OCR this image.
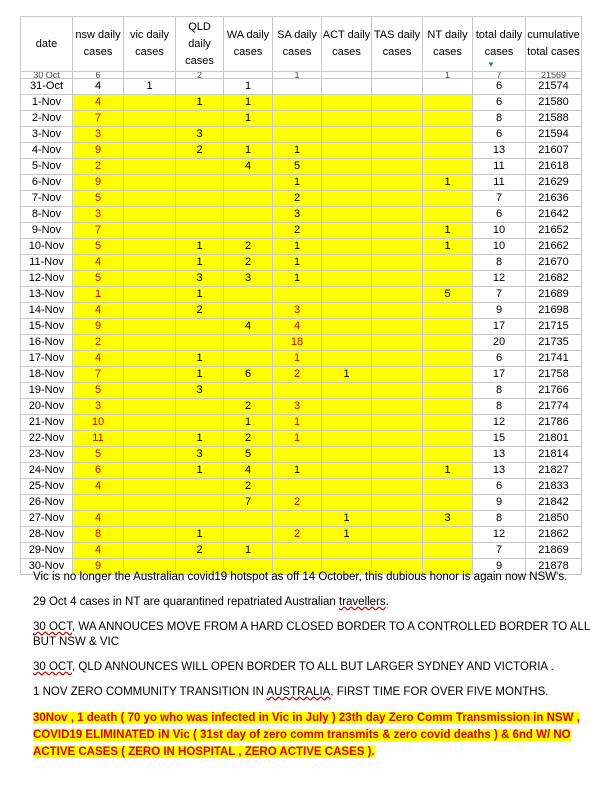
date	nsw daily cases	vic daily cases	QLD daily cases	WA daily cases	SA daily cases	ACT daily cases	TAS daily cases	NT daily cases	total daily cases	cumulative total cases
30 Oct	6		2		1			1	7	21569
31-Oct	4	1		1					6	21574
1-Nov	4		1	1					6	21580
2-Nov	7			1					8	21588
3-Nov	3		3						6	21594
4-Nov	9		2	1	1				13	21607
5-Nov	2			4	5				11	21618
6-Nov	9				1			1	11	21629
7-Nov	5				2				7	21636
8-Nov	3				3				6	21642
9-Nov	7				2			1	10	21652
10-Nov	5		1	2	1			1	10	21662
11-Nov	4		1	2	1				8	21670
12-Nov	5		3	3	1				12	21682
13-Nov	1		1					5	7	21689
14-Nov	4		2		3				9	21698
15-Nov	9			4	4				17	21715
16-Nov	2				18				20	21735
17-Nov	4		1		1				6	21741
18-Nov	7		1	6	2	1			17	21758
19-Nov	5		3						8	21766
20-Nov	3			2	3				8	21774
21-Nov	10			1	1				12	21786
22-Nov	11		1	2	1				15	21801
23-Nov	5		3	5					13	21814
24-Nov	6		1	4	1			1	13	21827
25-Nov	4			2					6	21833
26-Nov				7	2				9	21842
27-Nov	4					1		3	8	21850
28-Nov	8		1		2	1			12	21862
29-Nov	4		2	1					7	21869
30-Nov	9								9	21878
▼

Vic is no longer the Australian covid19 hotspot as off 14 October, this dubious honor is again now NSW's.

29 Oct 4 cases in NT are quarantined repatriated Australian travellers.

30 OCT, WA ANNOUCES MOVE FROM A HARD CLOSED BORDER TO A CONTROLLED BORDER TO ALL BUT NSW & VIC

30 OCT, QLD ANNOUNCES WILL OPEN BORDER TO ALL BUT LARGER SYDNEY AND VICTORIA .

1 NOV ZERO COMMUNITY TRANSITION IN AUSTRALIA, FIRST TIME FOR OVER FIVE MONTHS.

30Nov , 1 death ( 70 yo who was infected in Vic in July ) 23th day Zero Comm Transmission in NSW , COVID19 ELIMINATED iN Vic ( 31st day of zero comm transmits & zero covid deaths ) & 6nd W/ NO ACTIVE CASES ( ZERO IN HOSPITAL , ZERO ACTIVE CASES ).
